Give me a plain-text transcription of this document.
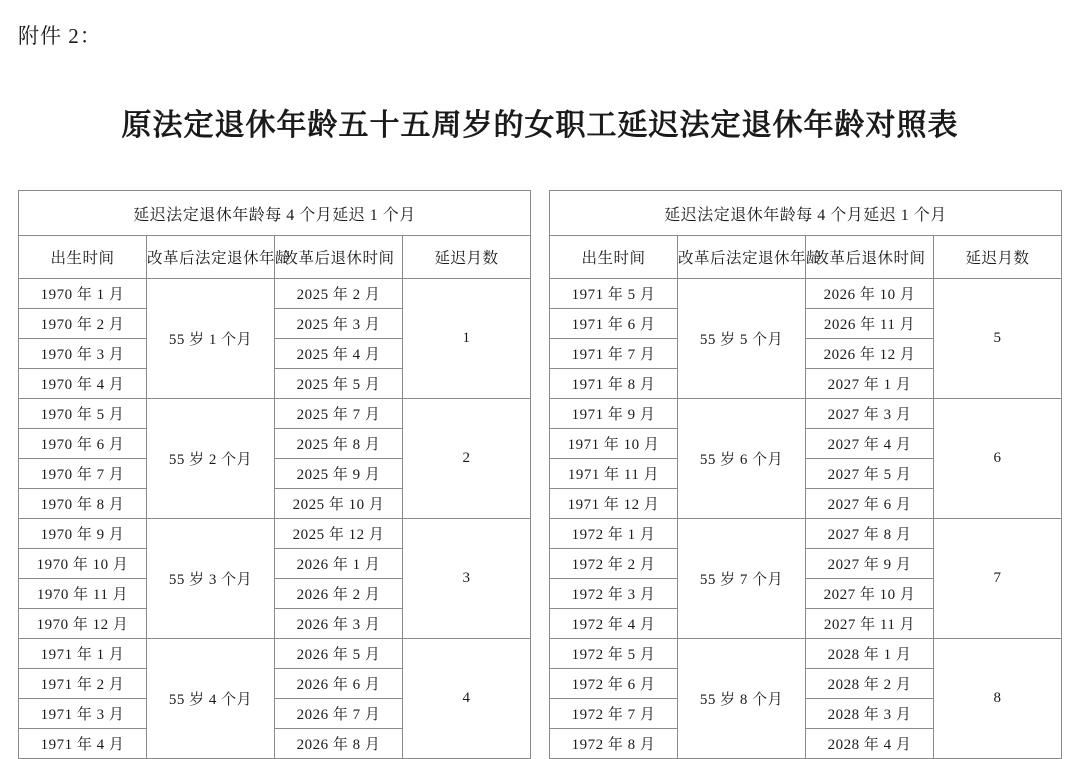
附件 2：
原法定退休年龄五十五周岁的女职工延迟法定退休年龄对照表
延迟法定退休年龄每 4 个月延迟 1 个月					延迟法定退休年龄每 4 个月延迟 1 个月			
出生时间	改革后法定退休年龄	改革后退休时间	延迟月数		出生时间	改革后法定退休年龄	改革后退休时间	延迟月数
1970 年 1 月	55 岁 1 个月	2025 年 2 月	1		1971 年 5 月	55 岁 5 个月	2026 年 10 月	5
1970 年 2 月		2025 年 3 月			1971 年 6 月		2026 年 11 月	
1970 年 3 月		2025 年 4 月			1971 年 7 月		2026 年 12 月	
1970 年 4 月		2025 年 5 月			1971 年 8 月		2027 年 1 月	
1970 年 5 月	55 岁 2 个月	2025 年 7 月	2		1971 年 9 月	55 岁 6 个月	2027 年 3 月	6
1970 年 6 月		2025 年 8 月			1971 年 10 月		2027 年 4 月	
1970 年 7 月		2025 年 9 月			1971 年 11 月		2027 年 5 月	
1970 年 8 月		2025 年 10 月			1971 年 12 月		2027 年 6 月	
1970 年 9 月	55 岁 3 个月	2025 年 12 月	3		1972 年 1 月	55 岁 7 个月	2027 年 8 月	7
1970 年 10 月		2026 年 1 月			1972 年 2 月		2027 年 9 月	
1970 年 11 月		2026 年 2 月			1972 年 3 月		2027 年 10 月	
1970 年 12 月		2026 年 3 月			1972 年 4 月		2027 年 11 月	
1971 年 1 月	55 岁 4 个月	2026 年 5 月	4		1972 年 5 月	55 岁 8 个月	2028 年 1 月	8
1971 年 2 月		2026 年 6 月			1972 年 6 月		2028 年 2 月	
1971 年 3 月		2026 年 7 月			1972 年 7 月		2028 年 3 月	
1971 年 4 月		2026 年 8 月			1972 年 8 月		2028 年 4 月	
